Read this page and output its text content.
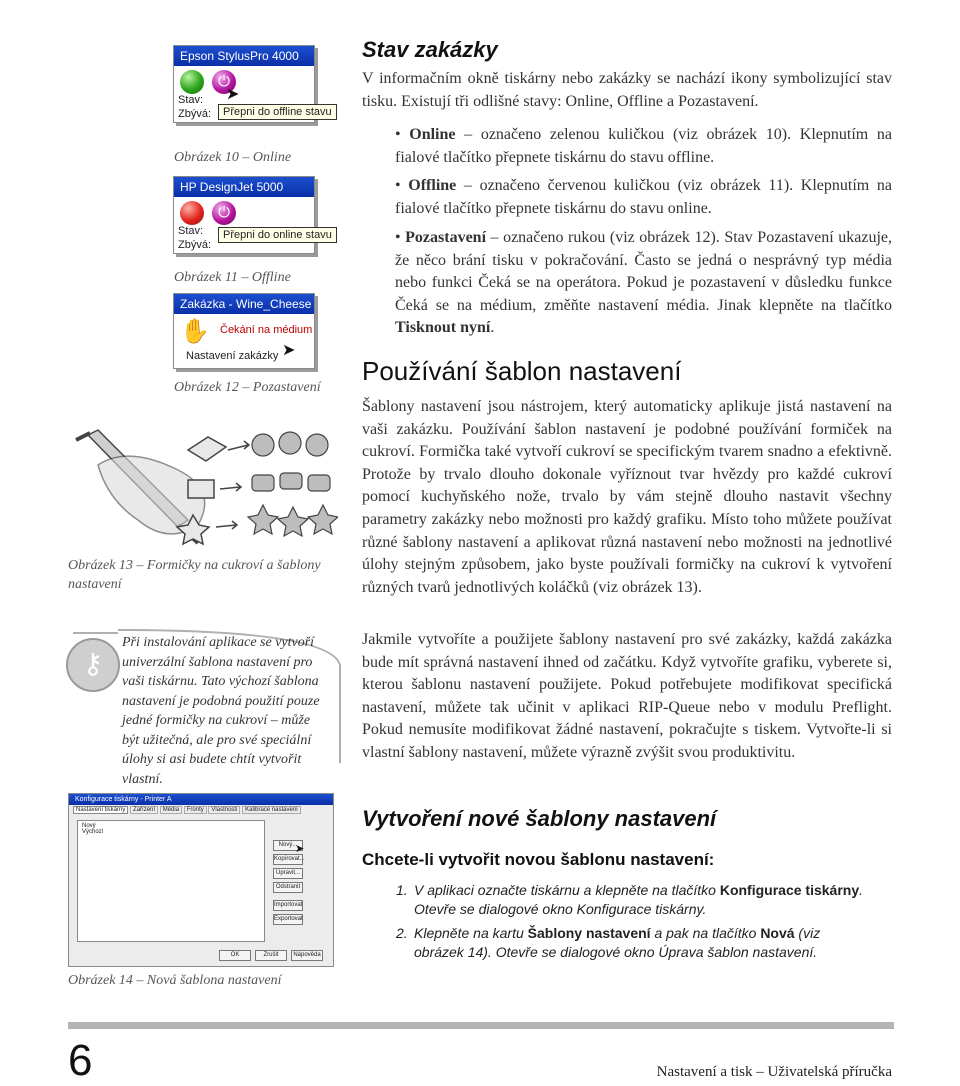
Epson StylusPro 4000
⏻
Stav:
Zbývá:
➤
Přepni do offline stavu
Obrázek 10 – Online
HP DesignJet 5000
⏻
Stav:
Zbývá:
Přepni do online stavu
Obrázek 11 – Offline
Zakázka - Wine_Cheese
✋ Čekání na médium
Nastavení zakázky ➤
Obrázek 12 – Pozastavení
Obrázek 13 – Formičky na cukroví a šablony nastavení
⚷
Při instalování aplikace se vytvoří univerzální šablona nastavení pro vaši tiskárnu. Tato výchozí šablona nastavení je podobná použití pouze jedné formičky na cukroví – může být užitečná, ale pro své speciální úlohy si asi budete chtít vytvořit vlastní.
Konfigurace tiskárny - Printer A
Nastavení tiskárny Zařízení Média Fronty Vlastnosti Kalibrace nastavení
Nový
Výchozí
Nový...
Kopírovat...
Upravit...
Odstranit
Importovat
Exportovat
➤
OK	Zrušit	Nápověda
Obrázek 14 – Nová šablona nastavení
Stav zakázky
V informačním okně tiskárny nebo zakázky se nachází ikony symbolizující stav tisku. Existují tři odlišné stavy: Online, Offline a Pozastavení.
• Online – označeno zelenou kuličkou (viz obrázek 10). Klepnutím na fialové tlačítko přepnete tiskárnu do stavu offline.
• Offline – označeno červenou kuličkou (viz obrázek 11). Klepnutím na fialové tlačítko přepnete tiskárnu do stavu online.
• Pozastavení – označeno rukou (viz obrázek 12). Stav Pozastavení ukazuje, že něco brání tisku v pokračování. Často se jedná o nesprávný typ média nebo funkci Čeká se na operátora. Pokud je pozastavení v důsledku funkce Čeká se na médium, změňte nastavení média. Jinak klepněte na tlačítko Tisknout nyní.
Používání šablon nastavení
Šablony nastavení jsou nástrojem, který automaticky aplikuje jistá nastavení na vaši zakázku. Používání šablon nastavení je podobné používání formiček na cukroví. Formička také vytvoří cukroví se specifickým tvarem snadno a efektivně. Protože by trvalo dlouho dokonale vyříznout tvar hvězdy pro každé cukroví pomocí kuchyňského nože, trvalo by vám stejně dlouho nastavit všechny parametry zakázky nebo možnosti pro každý grafiku. Místo toho můžete používat různé šablony nastavení a aplikovat různá nastavení nebo možnosti na jednotlivé úlohy stejným způsobem, jako byste používali formičky na cukroví k vytvoření různých tvarů jednotlivých koláčků (viz obrázek 13).
Jakmile vytvoříte a použijete šablony nastavení pro své zakázky, každá zakázka bude mít správná nastavení ihned od začátku. Když vytvoříte grafiku, vyberete si, kterou šablonu nastavení použijete. Pokud potřebujete modifikovat specifická nastavení, můžete tak učinit v aplikaci RIP-Queue nebo v modulu Preflight. Pokud nemusíte modifikovat žádné nastavení, pokračujte s tiskem. Vytvořte-li si vlastní šablony nastavení, můžete výrazně zvýšit svou produktivitu.
Vytvoření nové šablony nastavení
Chcete-li vytvořit novou šablonu nastavení:
1. V aplikaci označte tiskárnu a klepněte na tlačítko Konfigurace tiskárny. Otevře se dialogové okno Konfigurace tiskárny.
2. Klepněte na kartu Šablony nastavení a pak na tlačítko Nová (viz obrázek 14). Otevře se dialogové okno Úprava šablon nastavení.
6	Nastavení a tisk – Uživatelská příručka
